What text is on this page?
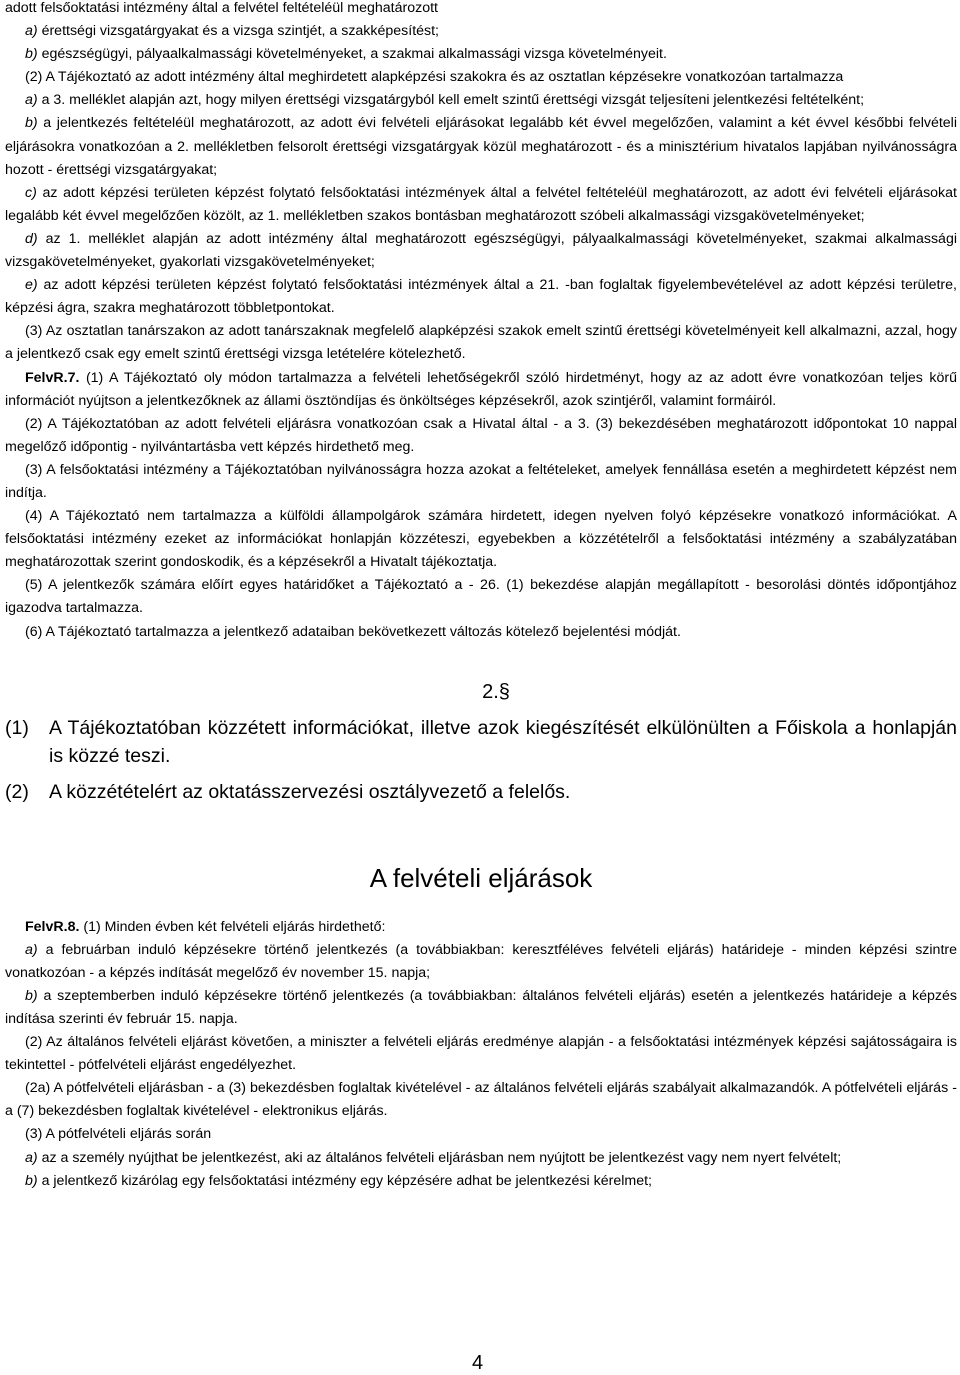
adott felsőoktatási intézmény által a felvétel feltételéül meghatározott

a) érettségi vizsgatárgyakat és a vizsga szintjét, a szakképesítést;

b) egészségügyi, pályaalkalmassági követelményeket, a szakmai alkalmassági vizsga követelményeit.

(2) A Tájékoztató az adott intézmény által meghirdetett alapképzési szakokra és az osztatlan képzésekre vonatkozóan tartalmazza

a) a 3. melléklet alapján azt, hogy milyen érettségi vizsgatárgyból kell emelt szintű érettségi vizsgát teljesíteni jelentkezési feltételként;

b) a jelentkezés feltételéül meghatározott, az adott évi felvételi eljárásokat legalább két évvel megelőzően, valamint a két évvel későbbi felvételi eljárásokra vonatkozóan a 2. mellékletben felsorolt érettségi vizsgatárgyak közül meghatározott - és a minisztérium hivatalos lapjában nyilvánosságra hozott - érettségi vizsgatárgyakat;

c) az adott képzési területen képzést folytató felsőoktatási intézmények által a felvétel feltételéül meghatározott, az adott évi felvételi eljárásokat legalább két évvel megelőzően közölt, az 1. mellékletben szakos bontásban meghatározott szóbeli alkalmassági vizsgakövetelményeket;

d) az 1. melléklet alapján az adott intézmény által meghatározott egészségügyi, pályaalkalmassági követelményeket, szakmai alkalmassági vizsgakövetelményeket, gyakorlati vizsgakövetelményeket;

e) az adott képzési területen képzést folytató felsőoktatási intézmények által a 21. -ban foglaltak figyelembevételével az adott képzési területre, képzési ágra, szakra meghatározott többletpontokat.

(3) Az osztatlan tanárszakon az adott tanárszaknak megfelelő alapképzési szakok emelt szintű érettségi követelményeit kell alkalmazni, azzal, hogy a jelentkező csak egy emelt szintű érettségi vizsga letételére kötelezhető.

FelvR.7. (1) A Tájékoztató oly módon tartalmazza a felvételi lehetőségekről szóló hirdetményt, hogy az az adott évre vonatkozóan teljes körű információt nyújtson a jelentkezőknek az állami ösztöndíjas és önköltséges képzésekről, azok szintjéről, valamint formáiról.

(2) A Tájékoztatóban az adott felvételi eljárásra vonatkozóan csak a Hivatal által - a 3. (3) bekezdésében meghatározott időpontokat 10 nappal megelőző időpontig - nyilvántartásba vett képzés hirdethető meg.

(3) A felsőoktatási intézmény a Tájékoztatóban nyilvánosságra hozza azokat a feltételeket, amelyek fennállása esetén a meghirdetett képzést nem indítja.

(4) A Tájékoztató nem tartalmazza a külföldi állampolgárok számára hirdetett, idegen nyelven folyó képzésekre vonatkozó információkat. A felsőoktatási intézmény ezeket az információkat honlapján közzéteszi, egyebekben a közzétételről a felsőoktatási intézmény a szabályzatában meghatározottak szerint gondoskodik, és a képzésekről a Hivatalt tájékoztatja.

(5) A jelentkezők számára előírt egyes határidőket a Tájékoztató a - 26. (1) bekezdése alapján megállapított - besorolási döntés időpontjához igazodva tartalmazza.

(6) A Tájékoztató tartalmazza a jelentkező adataiban bekövetkezett változás kötelező bejelentési módját.

2.§
(1)	A Tájékoztatóban közzétett információkat, illetve azok kiegészítését elkülönülten a Főiskola a honlapján is közzé teszi.
(2)	A közzétételért az oktatásszervezési osztályvezető a felelős.
A felvételi eljárások

FelvR.8. (1) Minden évben két felvételi eljárás hirdethető:

a) a februárban induló képzésekre történő jelentkezés (a továbbiakban: keresztféléves felvételi eljárás) határideje - minden képzési szintre vonatkozóan - a képzés indítását megelőző év november 15. napja;

b) a szeptemberben induló képzésekre történő jelentkezés (a továbbiakban: általános felvételi eljárás) esetén a jelentkezés határideje a képzés indítása szerinti év február 15. napja.

(2) Az általános felvételi eljárást követően, a miniszter a felvételi eljárás eredménye alapján - a felsőoktatási intézmények képzési sajátosságaira is tekintettel - pótfelvételi eljárást engedélyezhet.

(2a) A pótfelvételi eljárásban - a (3) bekezdésben foglaltak kivételével - az általános felvételi eljárás szabályait alkalmazandók. A pótfelvételi eljárás - a (7) bekezdésben foglaltak kivételével - elektronikus eljárás.

(3) A pótfelvételi eljárás során

a) az a személy nyújthat be jelentkezést, aki az általános felvételi eljárásban nem nyújtott be jelentkezést vagy nem nyert felvételt;

b) a jelentkező kizárólag egy felsőoktatási intézmény egy képzésére adhat be jelentkezési kérelmet;

4
